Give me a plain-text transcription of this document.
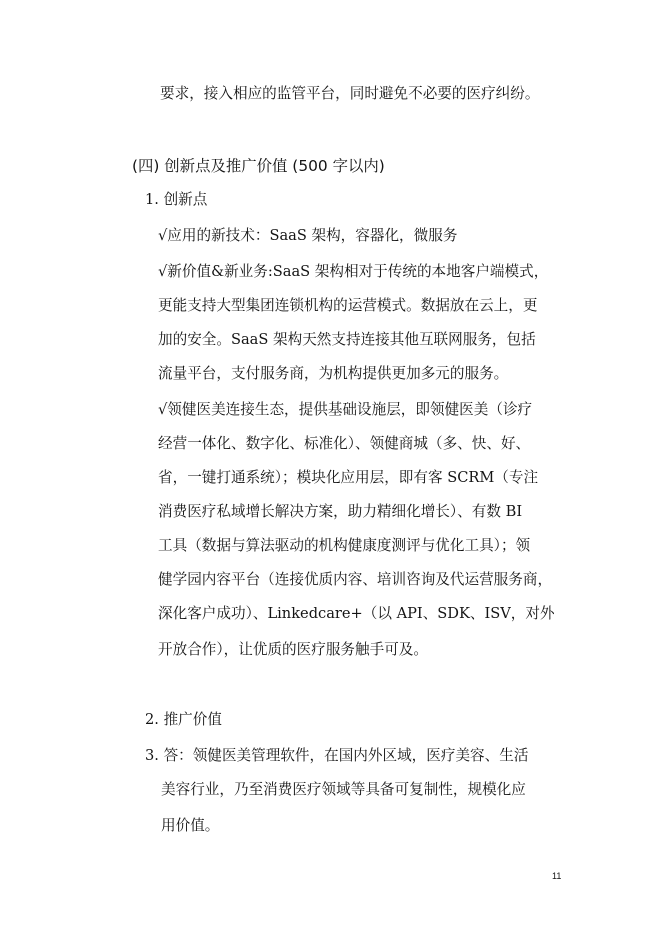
要求，接入相应的监管平台，同时避免不必要的医疗纠纷。
(四) 创新点及推广价值 (500 字以内)
1. 创新点
√应用的新技术：SaaS 架构，容器化，微服务
√新价值&新业务:SaaS 架构相对于传统的本地客户端模式，
更能支持大型集团连锁机构的运营模式。数据放在云上，更
加的安全。SaaS 架构天然支持连接其他互联网服务，包括
流量平台，支付服务商，为机构提供更加多元的服务。
√领健医美连接生态，提供基础设施层，即领健医美（诊疗
经营一体化、数字化、标准化）、领健商城（多、快、好、
省，一键打通系统）；模块化应用层，即有客 SCRM（专注
消费医疗私域增长解决方案，助力精细化增长）、有数 BI
工具（数据与算法驱动的机构健康度测评与优化工具）；领
健学园内容平台（连接优质内容、培训咨询及代运营服务商，
深化客户成功）、Linkedcare+（以 API、SDK、ISV，对外
开放合作），让优质的医疗服务触手可及。
2. 推广价值
3. 答：领健医美管理软件，在国内外区域，医疗美容、生活
美容行业，乃至消费医疗领域等具备可复制性，规模化应
用价值。
11
